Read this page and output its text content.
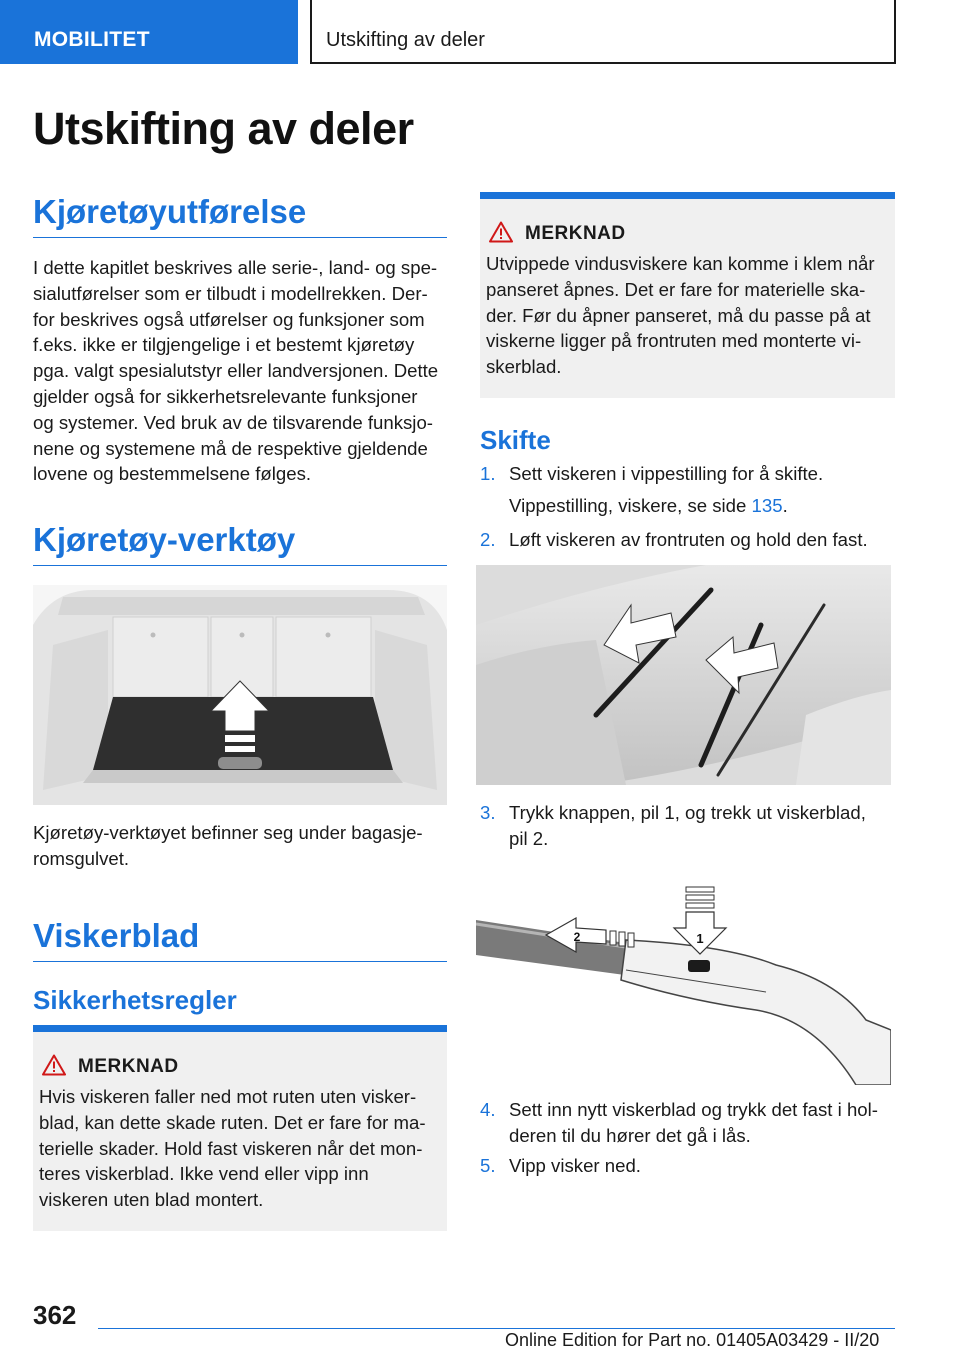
MOBILITET	Utskifting av deler
Utskifting av deler
Kjøretøyutførelse
I dette kapitlet beskrives alle serie-, land- og spe-
sialutførelser som er tilbudt i modellrekken. Der-
for beskrives også utførelser og funksjoner som
f.eks. ikke er tilgjengelige i et bestemt kjøretøy
pga. valgt spesialutstyr eller landversjonen. Dette
gjelder også for sikkerhetsrelevante funksjoner
og systemer. Ved bruk av de tilsvarende funksjo-
nene og systemene må de respektive gjeldende
lovene og bestemmelsene følges.
Kjøretøy-verktøy
Kjøretøy-verktøyet befinner seg under bagasje-
romsgulvet.
Viskerblad
Sikkerhetsregler
MERKNAD
Hvis viskeren faller ned mot ruten uten visker-
blad, kan dette skade ruten. Det er fare for ma-
terielle skader. Hold fast viskeren når det mon-
teres viskerblad. Ikke vend eller vipp inn
viskeren uten blad montert.
MERKNAD
Utvippede vindusviskere kan komme i klem når
panseret åpnes. Det er fare for materielle ska-
der. Før du åpner panseret, må du passe på at
viskerne ligger på frontruten med monterte vi-
skerblad.
Skifte
1. Sett viskeren i vippestilling for å skifte.
Vippestilling, viskere, se side 135.
2. Løft viskeren av frontruten og hold den fast.
3. Trykk knappen, pil 1, og trekk ut viskerblad,
pil 2.
1
2
4. Sett inn nytt viskerblad og trykk det fast i hol-
deren til du hører det gå i lås.
5. Vipp visker ned.
362
Online Edition for Part no. 01405A03429 - II/20
